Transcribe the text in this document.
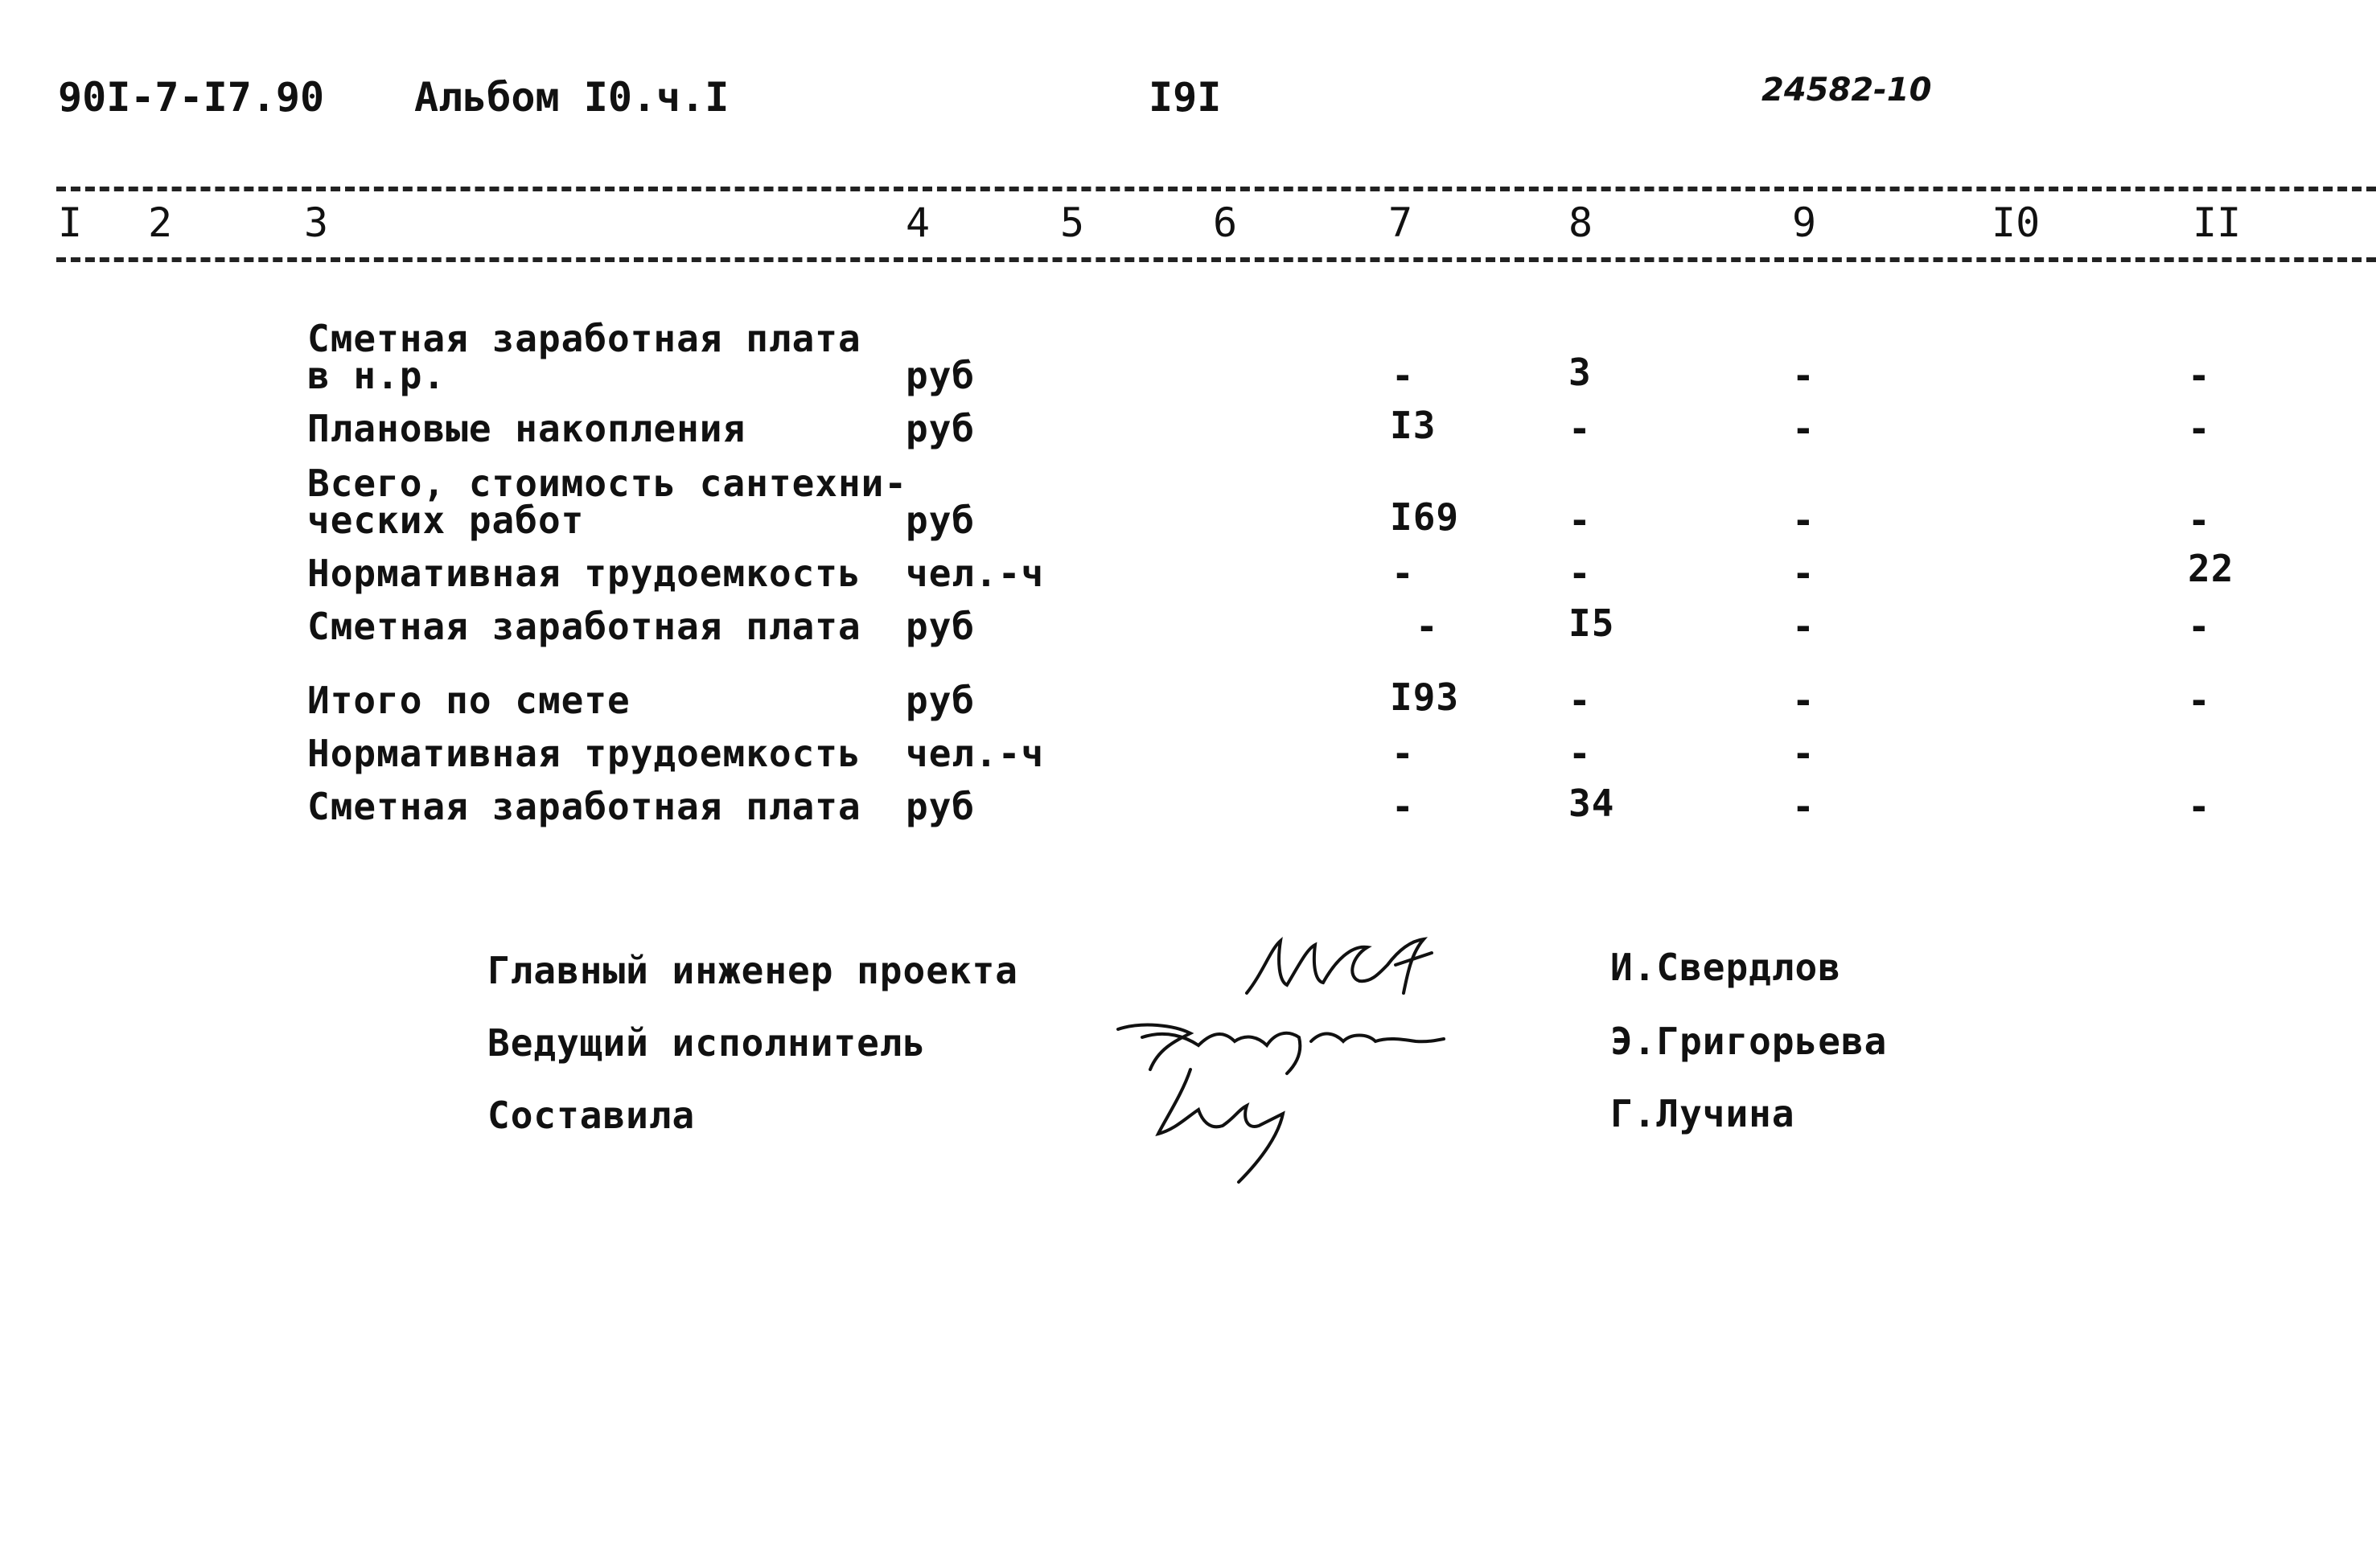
90I-7-I7.90 Альбом I0.ч.I	I9I	24582-10
I 2	3	4	5	6	7	8	9	I0	II
Сметная заработная плата
в н.р.	руб	-	3	-	-
Плановые накопления	руб	I3	-	-	-
Всего, стоимость сантехни-
ческих работ	руб	I69	-	-	-
Нормативная трудоемкость чел.-ч	-	-	-	22
Сметная заработная плата руб	-	I5	-	-
Итого по смете	руб	I93	-	-	-
Нормативная трудоемкость чел.-ч	-	-	-
Сметная заработная плата руб	-	34	-	-
Главный инженер проекта	И.Свердлов
Ведущий исполнитель	Э.Григорьева
Составила	Г.Лучина
